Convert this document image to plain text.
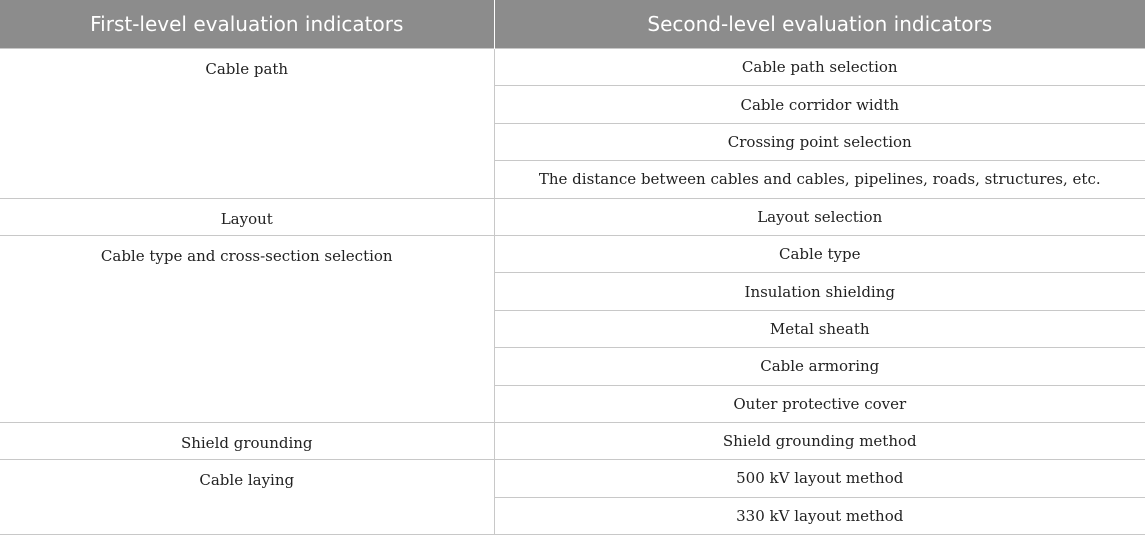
First-level evaluation indicators	Second-level evaluation indicators
Cable path	Cable path selection
	Cable corridor width
	Crossing point selection
	The distance between cables and cables, pipelines, roads, structures, etc.
Layout	Layout selection
Cable type and cross-section selection	Cable type
	Insulation shielding
	Metal sheath
	Cable armoring
	Outer protective cover
Shield grounding	Shield grounding method
Cable laying	500 kV layout method
	330 kV layout method
